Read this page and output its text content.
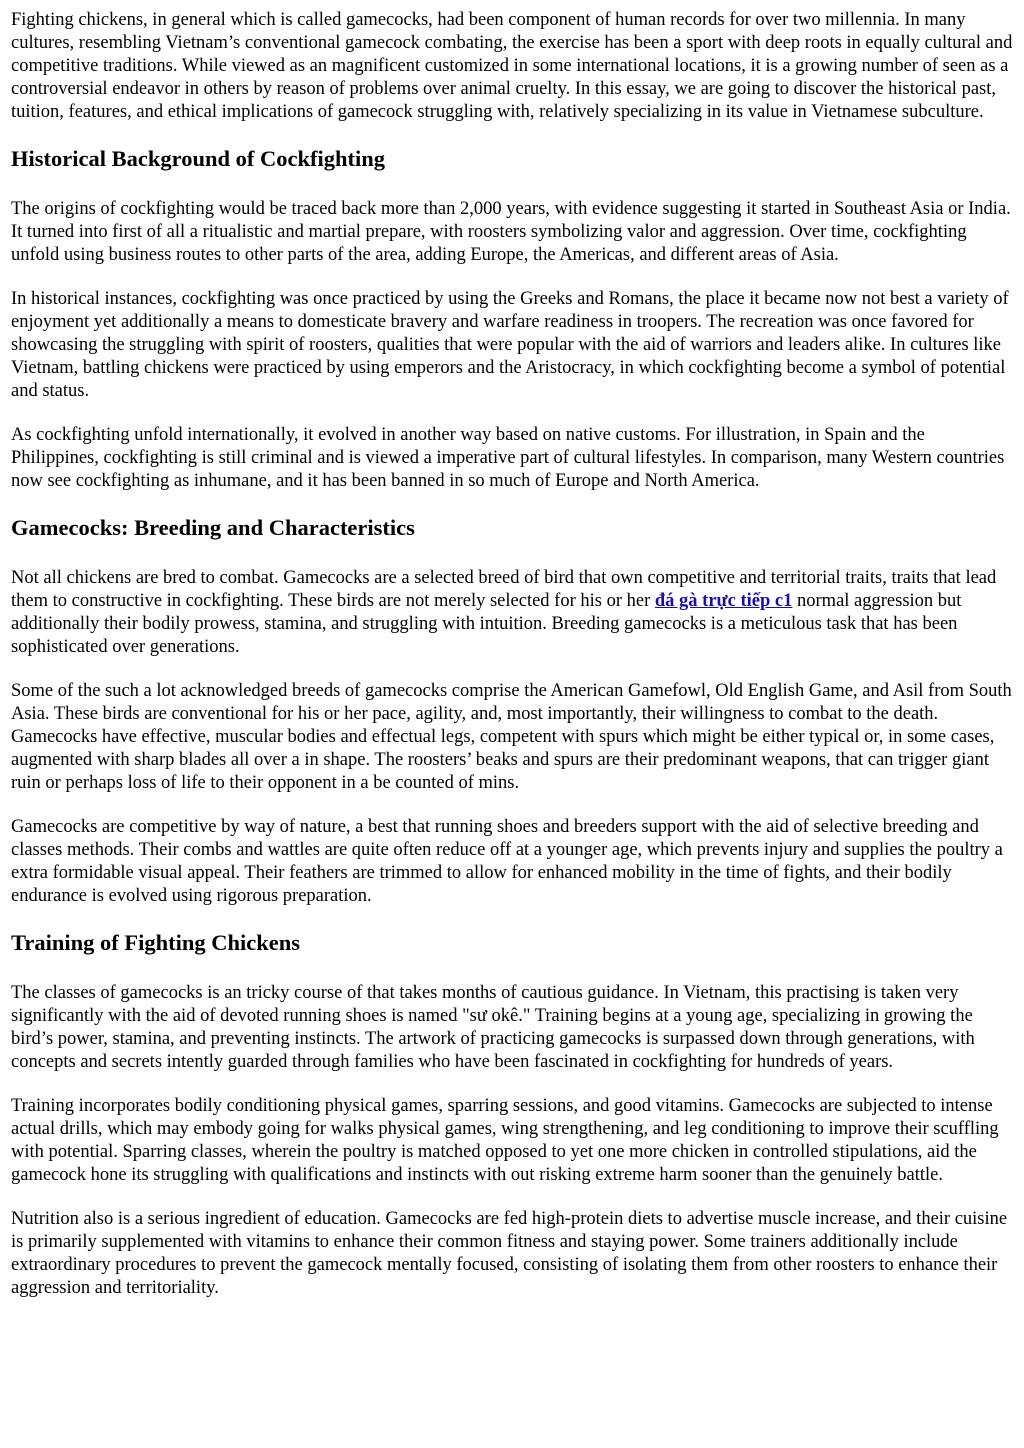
Fighting chickens, in general which is called gamecocks, had been component of human records for over two millennia. In many cultures, resembling Vietnam’s conventional gamecock combating, the exercise has been a sport with deep roots in equally cultural and competitive traditions. While viewed as an magnificent customized in some international locations, it is a growing number of seen as a controversial endeavor in others by reason of problems over animal cruelty. In this essay, we are going to discover the historical past, tuition, features, and ethical implications of gamecock struggling with, relatively specializing in its value in Vietnamese subculture.

Historical Background of Cockfighting

The origins of cockfighting would be traced back more than 2,000 years, with evidence suggesting it started in Southeast Asia or India. It turned into first of all a ritualistic and martial prepare, with roosters symbolizing valor and aggression. Over time, cockfighting unfold using business routes to other parts of the area, adding Europe, the Americas, and different areas of Asia.

In historical instances, cockfighting was once practiced by using the Greeks and Romans, the place it became now not best a variety of enjoyment yet additionally a means to domesticate bravery and warfare readiness in troopers. The recreation was once favored for showcasing the struggling with spirit of roosters, qualities that were popular with the aid of warriors and leaders alike. In cultures like Vietnam, battling chickens were practiced by using emperors and the Aristocracy, in which cockfighting become a symbol of potential and status.

As cockfighting unfold internationally, it evolved in another way based on native customs. For illustration, in Spain and the Philippines, cockfighting is still criminal and is viewed a imperative part of cultural lifestyles. In comparison, many Western countries now see cockfighting as inhumane, and it has been banned in so much of Europe and North America.

Gamecocks: Breeding and Characteristics

Not all chickens are bred to combat. Gamecocks are a selected breed of bird that own competitive and territorial traits, traits that lead them to constructive in cockfighting. These birds are not merely selected for his or her đá gà trực tiếp c1 normal aggression but additionally their bodily prowess, stamina, and struggling with intuition. Breeding gamecocks is a meticulous task that has been sophisticated over generations.

Some of the such a lot acknowledged breeds of gamecocks comprise the American Gamefowl, Old English Game, and Asil from South Asia. These birds are conventional for his or her pace, agility, and, most importantly, their willingness to combat to the death. Gamecocks have effective, muscular bodies and effectual legs, competent with spurs which might be either typical or, in some cases, augmented with sharp blades all over a in shape. The roosters’ beaks and spurs are their predominant weapons, that can trigger giant ruin or perhaps loss of life to their opponent in a be counted of mins.

Gamecocks are competitive by way of nature, a best that running shoes and breeders support with the aid of selective breeding and classes methods. Their combs and wattles are quite often reduce off at a younger age, which prevents injury and supplies the poultry a extra formidable visual appeal. Their feathers are trimmed to allow for enhanced mobility in the time of fights, and their bodily endurance is evolved using rigorous preparation.

Training of Fighting Chickens

The classes of gamecocks is an tricky course of that takes months of cautious guidance. In Vietnam, this practising is taken very significantly with the aid of devoted running shoes is named "sư okê." Training begins at a young age, specializing in growing the bird’s power, stamina, and preventing instincts. The artwork of practicing gamecocks is surpassed down through generations, with concepts and secrets intently guarded through families who have been fascinated in cockfighting for hundreds of years.

Training incorporates bodily conditioning physical games, sparring sessions, and good vitamins. Gamecocks are subjected to intense actual drills, which may embody going for walks physical games, wing strengthening, and leg conditioning to improve their scuffling with potential. Sparring classes, wherein the poultry is matched opposed to yet one more chicken in controlled stipulations, aid the gamecock hone its struggling with qualifications and instincts with out risking extreme harm sooner than the genuinely battle.

Nutrition also is a serious ingredient of education. Gamecocks are fed high-protein diets to advertise muscle increase, and their cuisine is primarily supplemented with vitamins to enhance their common fitness and staying power. Some trainers additionally include extraordinary procedures to prevent the gamecock mentally focused, consisting of isolating them from other roosters to enhance their aggression and territoriality.
